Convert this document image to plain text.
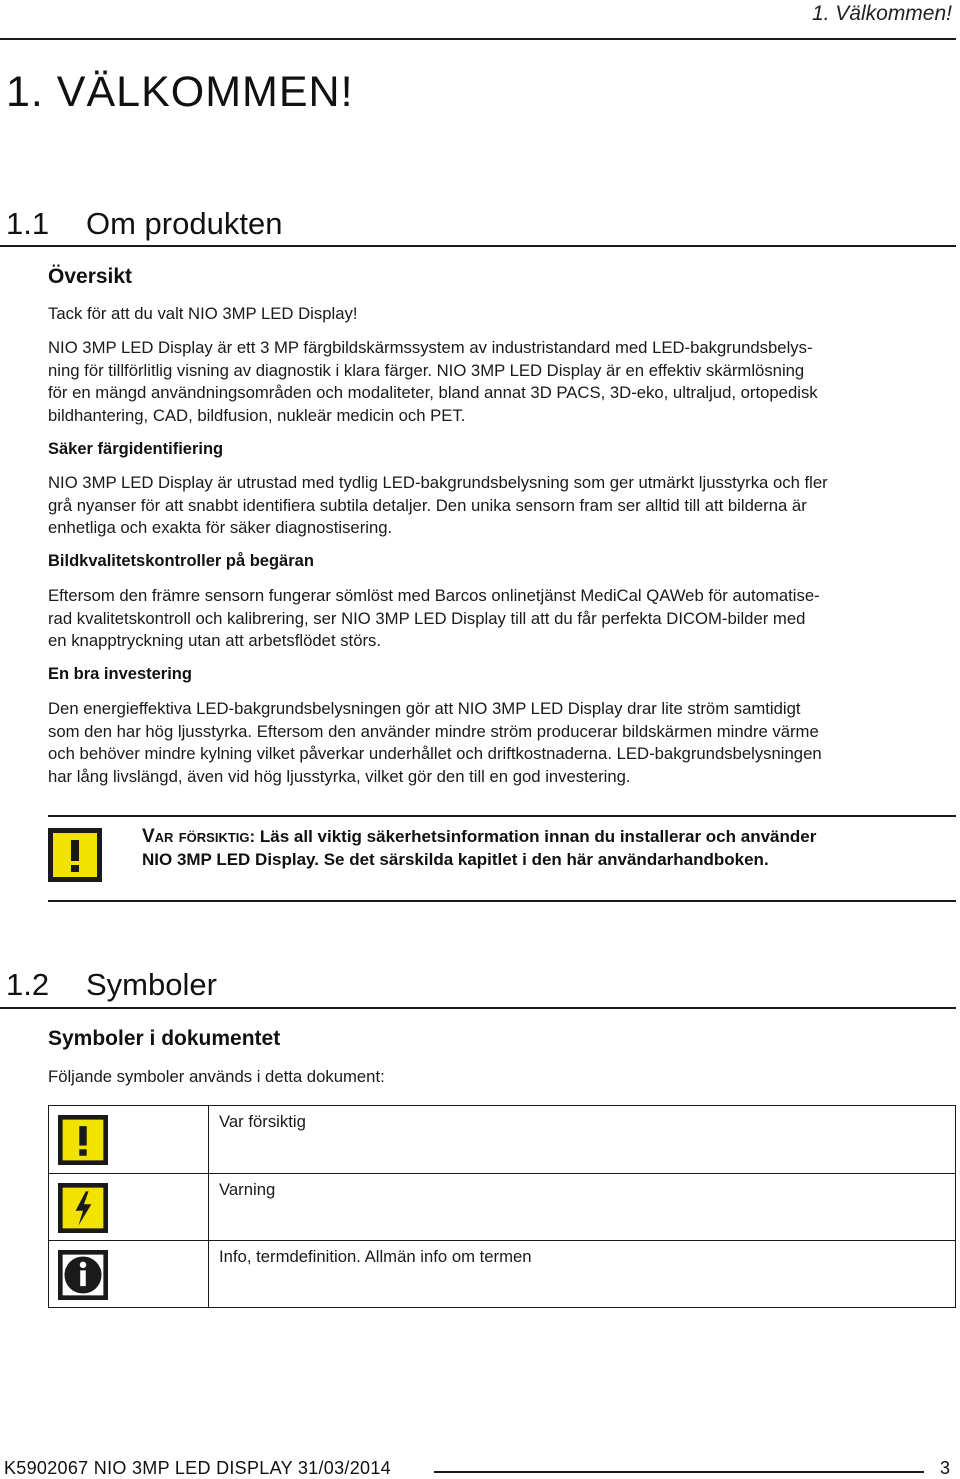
1. Välkommen!
1. VÄLKOMMEN!
1.1 Om produkten
Översikt
Tack för att du valt NIO 3MP LED Display!
NIO 3MP LED Display är ett 3 MP färgbildskärmssystem av industristandard med LED-bakgrundsbelys-
ning för tillförlitlig visning av diagnostik i klara färger. NIO 3MP LED Display är en effektiv skärmlösning
för en mängd användningsområden och modaliteter, bland annat 3D PACS, 3D-eko, ultraljud, ortopedisk
bildhantering, CAD, bildfusion, nukleär medicin och PET.
Säker färgidentifiering
NIO 3MP LED Display är utrustad med tydlig LED-bakgrundsbelysning som ger utmärkt ljusstyrka och fler
grå nyanser för att snabbt identifiera subtila detaljer. Den unika sensorn fram ser alltid till att bilderna är
enhetliga och exakta för säker diagnostisering.
Bildkvalitetskontroller på begäran
Eftersom den främre sensorn fungerar sömlöst med Barcos onlinetjänst MediCal QAWeb för automatise-
rad kvalitetskontroll och kalibrering, ser NIO 3MP LED Display till att du får perfekta DICOM-bilder med
en knapptryckning utan att arbetsflödet störs.
En bra investering
Den energieffektiva LED-bakgrundsbelysningen gör att NIO 3MP LED Display drar lite ström samtidigt
som den har hög ljusstyrka. Eftersom den använder mindre ström producerar bildskärmen mindre värme
och behöver mindre kylning vilket påverkar underhållet och driftkostnaderna. LED-bakgrundsbelysningen
har lång livslängd, även vid hög ljusstyrka, vilket gör den till en god investering.
Var försiktig: Läs all viktig säkerhetsinformation innan du installerar och använder
NIO 3MP LED Display. Se det särskilda kapitlet i den här användarhandboken.
1.2 Symboler
Symboler i dokumentet
Följande symboler används i detta dokument:
	Var försiktig
	Varning
	Info, termdefinition. Allmän info om termen
K5902067 NIO 3MP LED DISPLAY 31/03/2014	3
